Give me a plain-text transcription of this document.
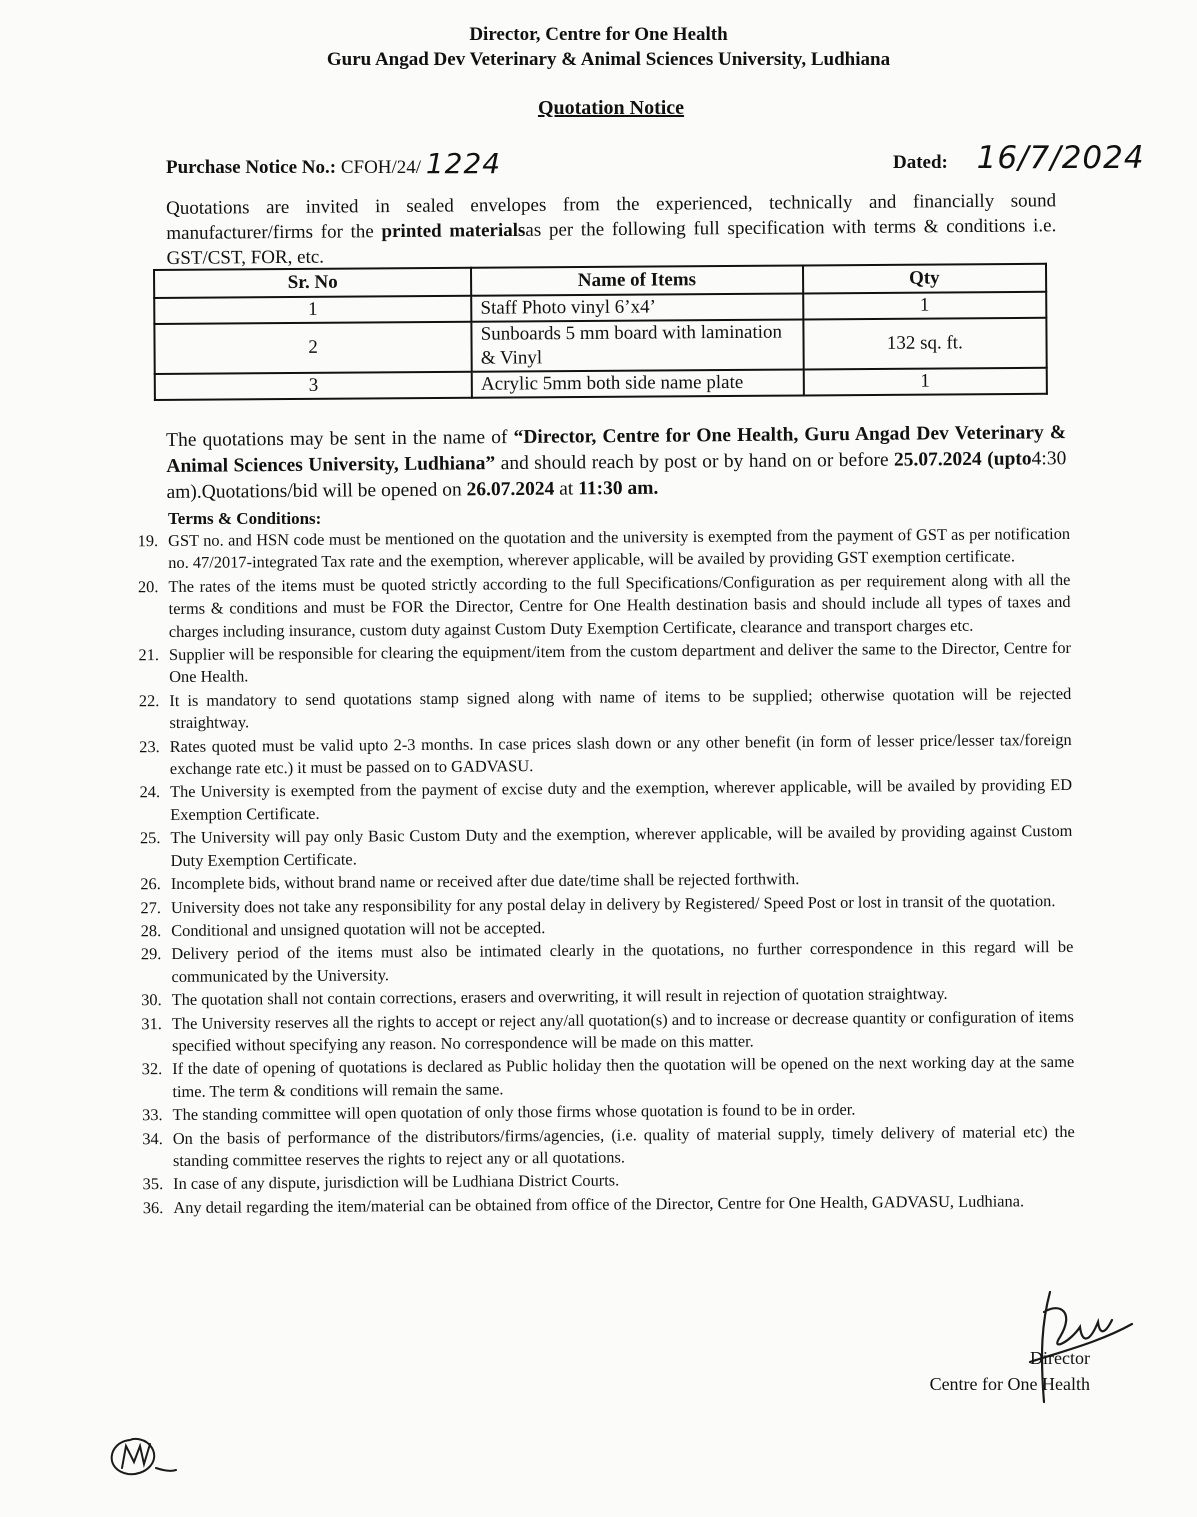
Director, Centre for One Health
Guru Angad Dev Veterinary & Animal Sciences University, Ludhiana
Quotation Notice
Purchase Notice No.: CFOH/24/ 1224	Dated: 16/7/2024
Quotations are invited in sealed envelopes from the experienced, technically and financially sound manufacturer/firms for the printed materialsas per the following full specification with terms & conditions i.e. GST/CST, FOR, etc.
Sr. No	Name of Items	Qty
1	Staff Photo vinyl 6’x4’	1
2	Sunboards 5 mm board with lamination & Vinyl	132 sq. ft.
3	Acrylic 5mm both side name plate	1
The quotations may be sent in the name of “Director, Centre for One Health, Guru Angad Dev Veterinary & Animal Sciences University, Ludhiana” and should reach by post or by hand on or before 25.07.2024 (upto4:30 am).Quotations/bid will be opened on 26.07.2024 at 11:30 am.
Terms & Conditions:
19. GST no. and HSN code must be mentioned on the quotation and the university is exempted from the payment of GST as per notification no. 47/2017-integrated Tax rate and the exemption, wherever applicable, will be availed by providing GST exemption certificate.
20. The rates of the items must be quoted strictly according to the full Specifications/Configuration as per requirement along with all the terms & conditions and must be FOR the Director, Centre for One Health destination basis and should include all types of taxes and charges including insurance, custom duty against Custom Duty Exemption Certificate, clearance and transport charges etc.
21. Supplier will be responsible for clearing the equipment/item from the custom department and deliver the same to the Director, Centre for One Health.
22. It is mandatory to send quotations stamp signed along with name of items to be supplied; otherwise quotation will be rejected straightway.
23. Rates quoted must be valid upto 2-3 months. In case prices slash down or any other benefit (in form of lesser price/lesser tax/foreign exchange rate etc.) it must be passed on to GADVASU.
24. The University is exempted from the payment of excise duty and the exemption, wherever applicable, will be availed by providing ED Exemption Certificate.
25. The University will pay only Basic Custom Duty and the exemption, wherever applicable, will be availed by providing against Custom Duty Exemption Certificate.
26. Incomplete bids, without brand name or received after due date/time shall be rejected forthwith.
27. University does not take any responsibility for any postal delay in delivery by Registered/ Speed Post or lost in transit of the quotation.
28. Conditional and unsigned quotation will not be accepted.
29. Delivery period of the items must also be intimated clearly in the quotations, no further correspondence in this regard will be communicated by the University.
30. The quotation shall not contain corrections, erasers and overwriting, it will result in rejection of quotation straightway.
31. The University reserves all the rights to accept or reject any/all quotation(s) and to increase or decrease quantity or configuration of items specified without specifying any reason. No correspondence will be made on this matter.
32. If the date of opening of quotations is declared as Public holiday then the quotation will be opened on the next working day at the same time. The term & conditions will remain the same.
33. The standing committee will open quotation of only those firms whose quotation is found to be in order.
34. On the basis of performance of the distributors/firms/agencies, (i.e. quality of material supply, timely delivery of material etc) the standing committee reserves the rights to reject any or all quotations.
35. In case of any dispute, jurisdiction will be Ludhiana District Courts.
36. Any detail regarding the item/material can be obtained from office of the Director, Centre for One Health, GADVASU, Ludhiana.
Director
Centre for One Health
